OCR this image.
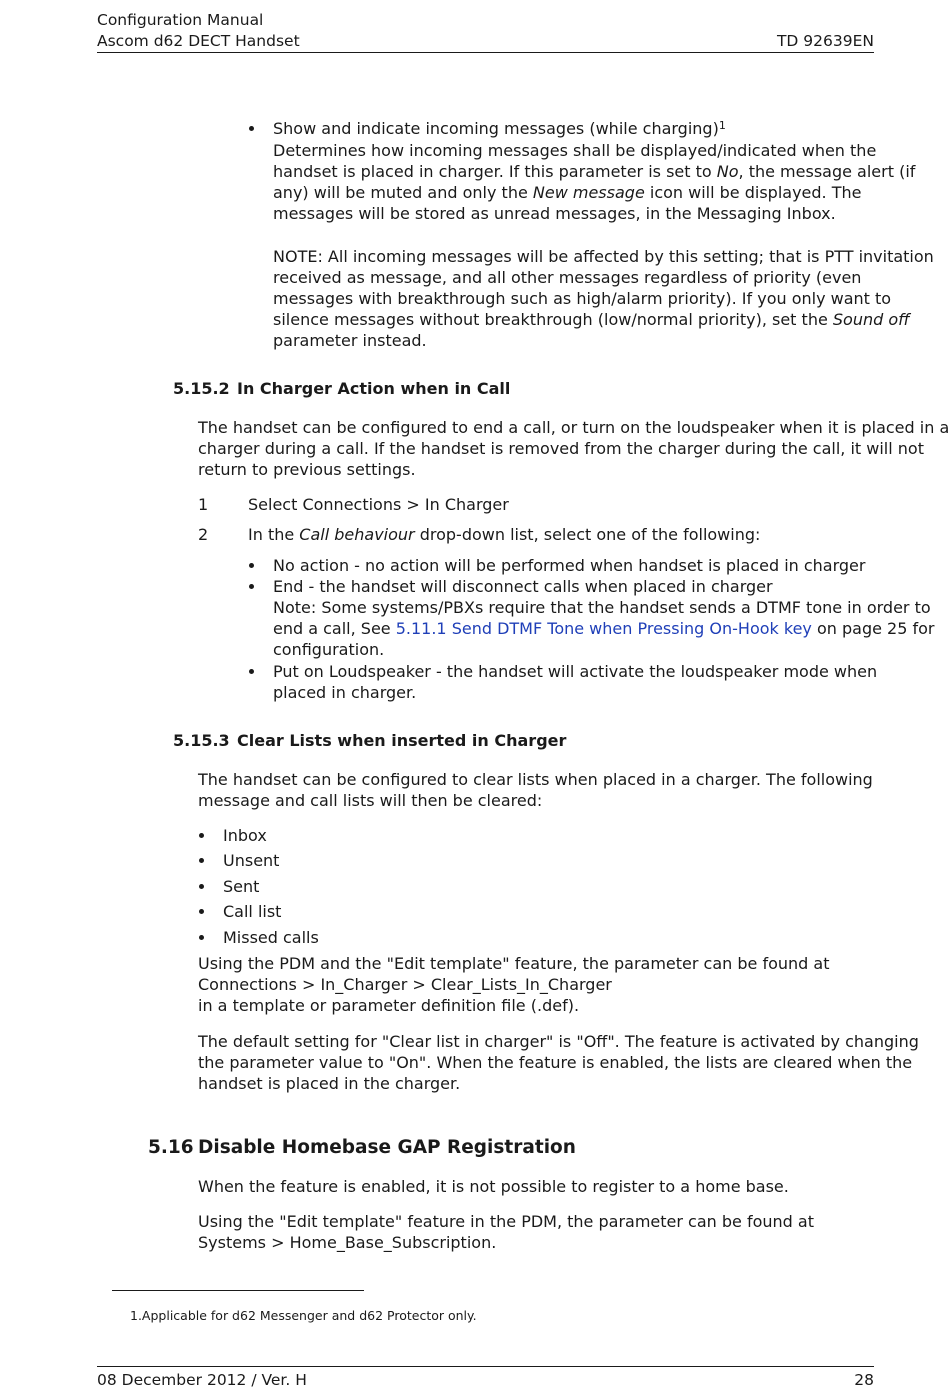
Configuration Manual
Ascom d62 DECT Handset	TD 92639EN
Show and indicate incoming messages (while charging)$^1$
Determines how incoming messages shall be displayed/indicated when the
handset is placed in charger. If this parameter is set to No, the message alert (if
any) will be muted and only the New message icon will be displayed. The
messages will be stored as unread messages, in the Messaging Inbox.
NOTE: All incoming messages will be affected by this setting; that is PTT invitation
received as message, and all other messages regardless of priority (even
messages with breakthrough such as high/alarm priority). If you only want to
silence messages without breakthrough (low/normal priority), set the Sound off
parameter instead.
5.15.2 In Charger Action when in Call
The handset can be configured to end a call, or turn on the loudspeaker when it is placed in a
charger during a call. If the handset is removed from the charger during the call, it will not
return to previous settings.
1 Select Connections > In Charger
2 In the Call behaviour drop-down list, select one of the following:
No action - no action will be performed when handset is placed in charger
End - the handset will disconnect calls when placed in charger
Note: Some systems/PBXs require that the handset sends a DTMF tone in order to
end a call, See 5.11.1 Send DTMF Tone when Pressing On-Hook key on page 25 for
configuration.
Put on Loudspeaker - the handset will activate the loudspeaker mode when
placed in charger.
5.15.3 Clear Lists when inserted in Charger
The handset can be configured to clear lists when placed in a charger. The following
message and call lists will then be cleared:
Inbox
Unsent
Sent
Call list
Missed calls
Using the PDM and the "Edit template" feature, the parameter can be found at
Connections > In_Charger > Clear_Lists_In_Charger
in a template or parameter definition file (.def).
The default setting for "Clear list in charger" is "Off". The feature is activated by changing
the parameter value to "On". When the feature is enabled, the lists are cleared when the
handset is placed in the charger.
5.16 Disable Homebase GAP Registration
When the feature is enabled, it is not possible to register to a home base.
Using the "Edit template" feature in the PDM, the parameter can be found at
Systems > Home_Base_Subscription.
1.Applicable for d62 Messenger and d62 Protector only.
08 December 2012 / Ver. H	28
